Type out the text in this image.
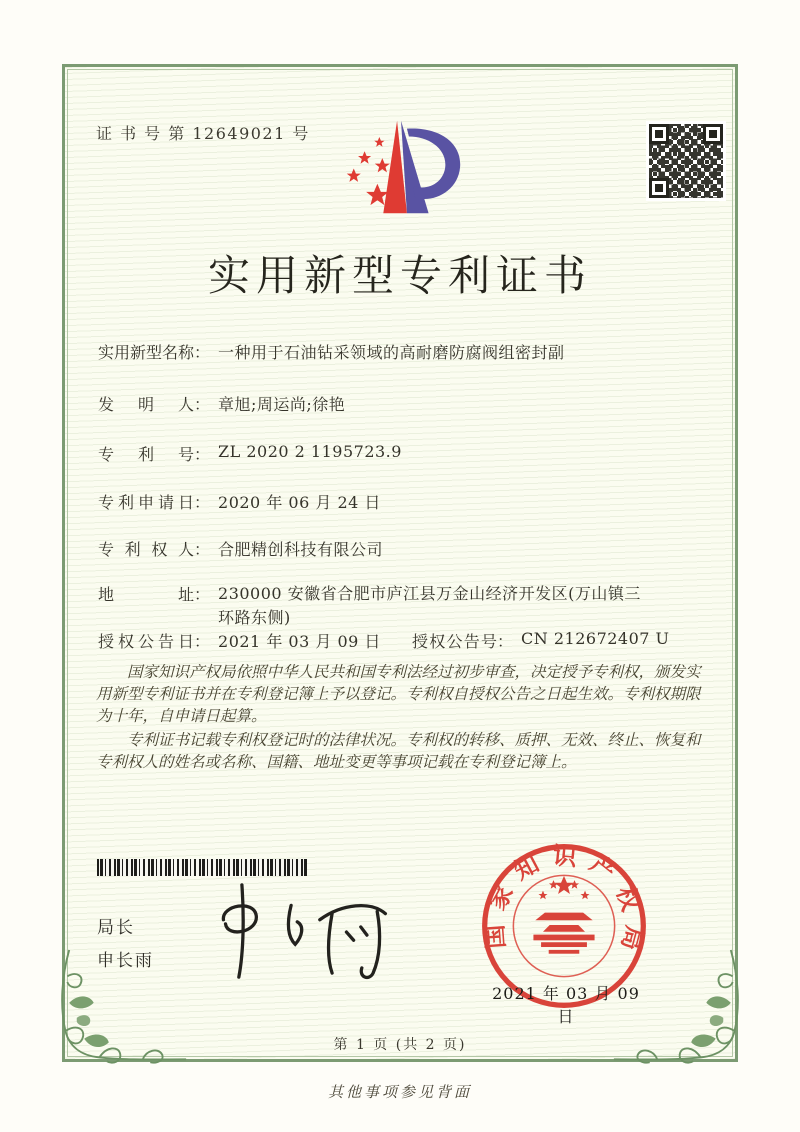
证 书 号 第 12649021 号
实用新型专利证书
实用新型名称： 一种用于石油钻采领域的高耐磨防腐阀组密封副
发明人： 章旭;周运尚;徐艳
专利号： ZL 2020 2 1195723.9
专利申请日： 2020 年 06 月 24 日
专利权人： 合肥精创科技有限公司
地址： 230000 安徽省合肥市庐江县万金山经济开发区(万山镇三
环路东侧)
授权公告日： 2021 年 03 月 09 日 授权公告号： CN 212672407 U

国家知识产权局依照中华人民共和国专利法经过初步审查，决定授予专利权，颁发实用新型专利证书并在专利登记簿上予以登记。专利权自授权公告之日起生效。专利权期限为十年，自申请日起算。

专利证书记载专利权登记时的法律状况。专利权的转移、质押、无效、终止、恢复和专利权人的姓名或名称、国籍、地址变更等事项记载在专利登记簿上。

局长
申长雨
国家知识产权局
2021 年 03 月 09 日
第 1 页 (共 2 页)
其他事项参见背面
